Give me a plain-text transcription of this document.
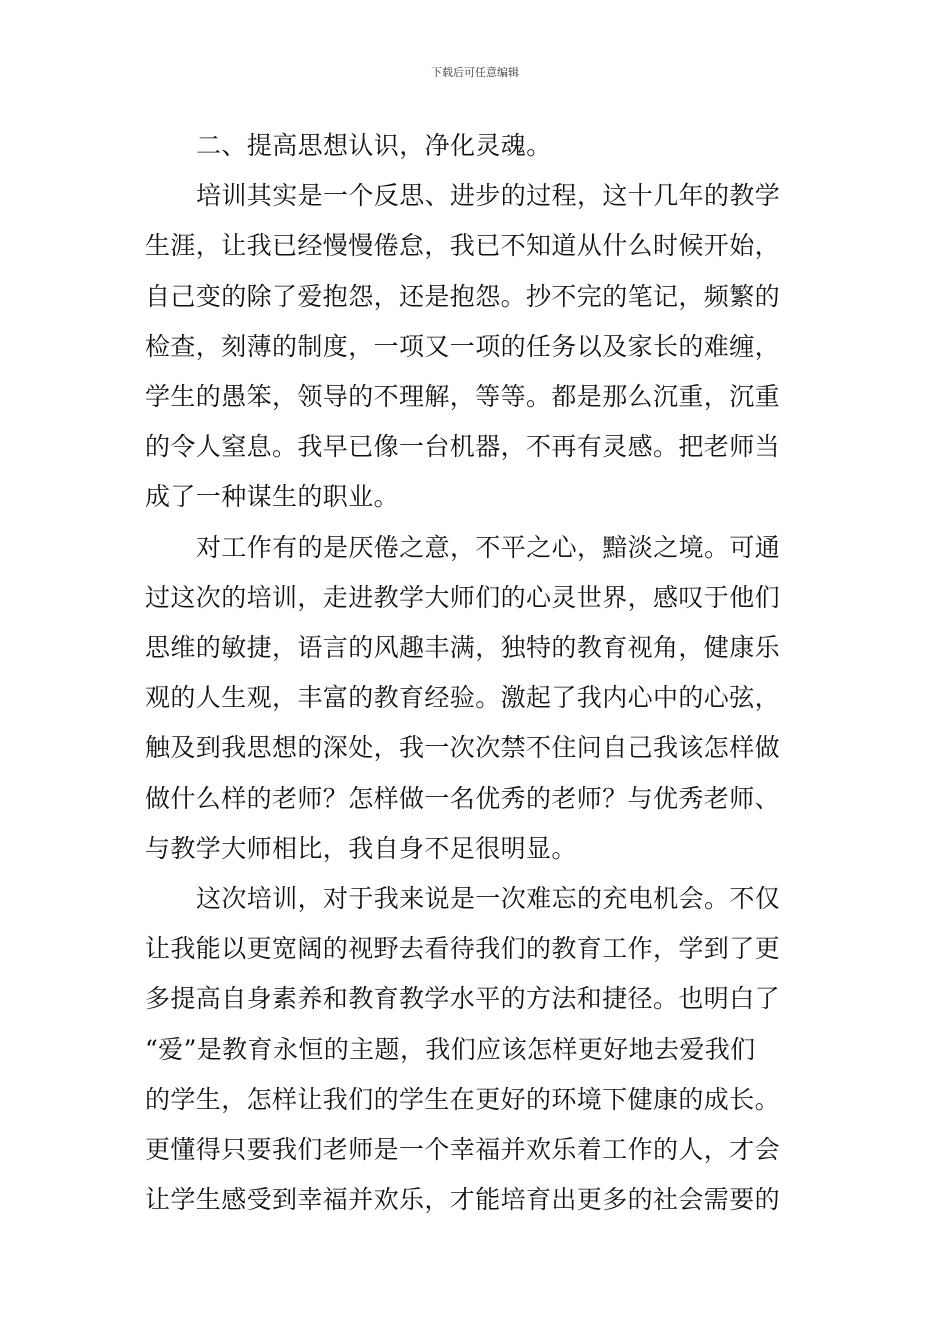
下载后可任意编辑
二、提高思想认识，净化灵魂。
培训其实是一个反思、进步的过程，这十几年的教学
生涯，让我已经慢慢倦怠，我已不知道从什么时候开始，
自己变的除了爱抱怨，还是抱怨。抄不完的笔记，频繁的
检查，刻薄的制度，一项又一项的任务以及家长的难缠，
学生的愚笨，领导的不理解，等等。都是那么沉重，沉重
的令人窒息。我早已像一台机器，不再有灵感。把老师当
成了一种谋生的职业。
对工作有的是厌倦之意，不平之心，黯淡之境。可通
过这次的培训，走进教学大师们的心灵世界，感叹于他们
思维的敏捷，语言的风趣丰满，独特的教育视角，健康乐
观的人生观，丰富的教育经验。激起了我内心中的心弦，
触及到我思想的深处，我一次次禁不住问自己我该怎样做
做什么样的老师？怎样做一名优秀的老师？与优秀老师、
与教学大师相比，我自身不足很明显。
这次培训，对于我来说是一次难忘的充电机会。不仅
让我能以更宽阔的视野去看待我们的教育工作，学到了更
多提高自身素养和教育教学水平的方法和捷径。也明白了
“爱”是教育永恒的主题，我们应该怎样更好地去爱我们
的学生，怎样让我们的学生在更好的环境下健康的成长。
更懂得只要我们老师是一个幸福并欢乐着工作的人，才会
让学生感受到幸福并欢乐，才能培育出更多的社会需要的
